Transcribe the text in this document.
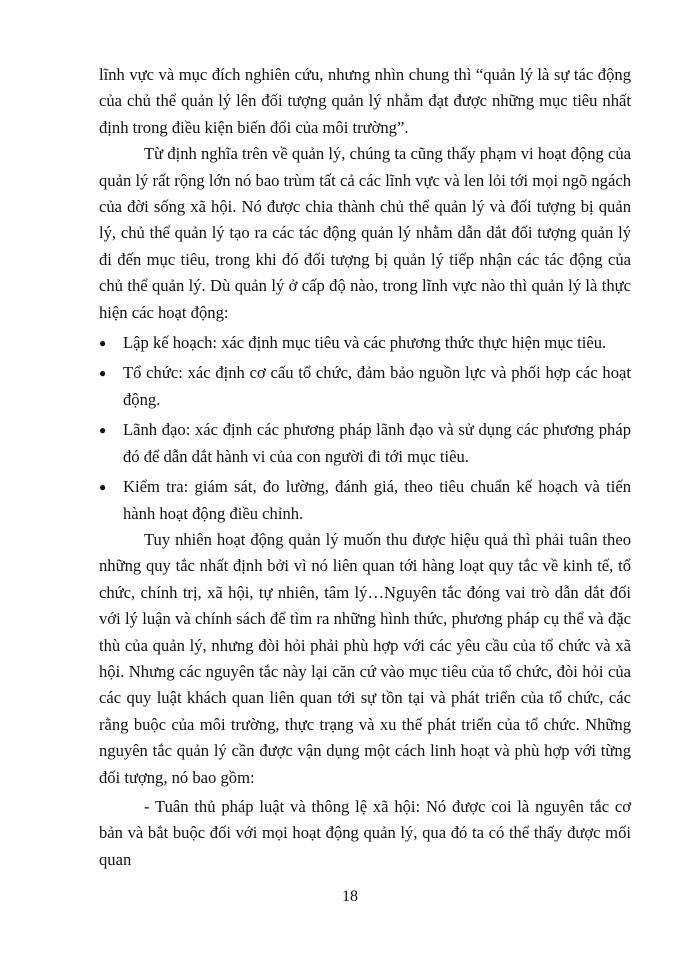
lĩnh vực và mục đích nghiên cứu, nhưng nhìn chung thì “quản lý là sự tác động của chủ thể quản lý lên đối tượng quản lý nhằm đạt được những mục tiêu nhất định trong điều kiện biến đổi của môi trường”.

Từ định nghĩa trên về quản lý, chúng ta cũng thấy phạm vi hoạt động của quản lý rất rộng lớn nó bao trùm tất cả các lĩnh vực và len lỏi tới mọi ngõ ngách của đời sống xã hội. Nó được chia thành chủ thể quản lý và đối tượng bị quản lý, chủ thể quản lý tạo ra các tác động quản lý nhằm dẫn dắt đối tượng quản lý đi đến mục tiêu, trong khi đó đối tượng bị quản lý tiếp nhận các tác động của chủ thể quản lý. Dù quản lý ở cấp độ nào, trong lĩnh vực nào thì quản lý là thực hiện các hoạt động:

●	Lập kế hoạch: xác định mục tiêu và các phương thức thực hiện mục tiêu.
●	Tổ chức: xác định cơ cấu tổ chức, đảm bảo nguồn lực và phối hợp các hoạt động.
●	Lãnh đạo: xác định các phương pháp lãnh đạo và sử dụng các phương pháp đó để dẫn dắt hành vi của con người đi tới mục tiêu.
●	Kiểm tra: giám sát, đo lường, đánh giá, theo tiêu chuẩn kế hoạch và tiến hành hoạt động điều chỉnh.

Tuy nhiên hoạt động quản lý muốn thu được hiệu quả thì phải tuân theo những quy tắc nhất định bởi vì nó liên quan tới hàng loạt quy tắc về kinh tế, tổ chức, chính trị, xã hội, tự nhiên, tâm lý…Nguyên tắc đóng vai trò dẫn dắt đối với lý luận và chính sách để tìm ra những hình thức, phương pháp cụ thể và đặc thù của quản lý, nhưng đòi hỏi phải phù hợp với các yêu cầu của tổ chức và xã hội. Nhưng các nguyên tắc này lại căn cứ vào mục tiêu của tổ chức, đòi hỏi của các quy luật khách quan liên quan tới sự tồn tại và phát triển của tổ chức, các rằng buộc của môi trường, thực trạng và xu thế phát triển của tổ chức. Những nguyên tắc quản lý cần được vận dụng một cách linh hoạt và phù hợp với từng đối tượng, nó bao gồm:

- Tuân thủ pháp luật và thông lệ xã hội: Nó được coi là nguyên tắc cơ bản và bắt buộc đối với mọi hoạt động quản lý, qua đó ta có thể thấy được mối quan

18
